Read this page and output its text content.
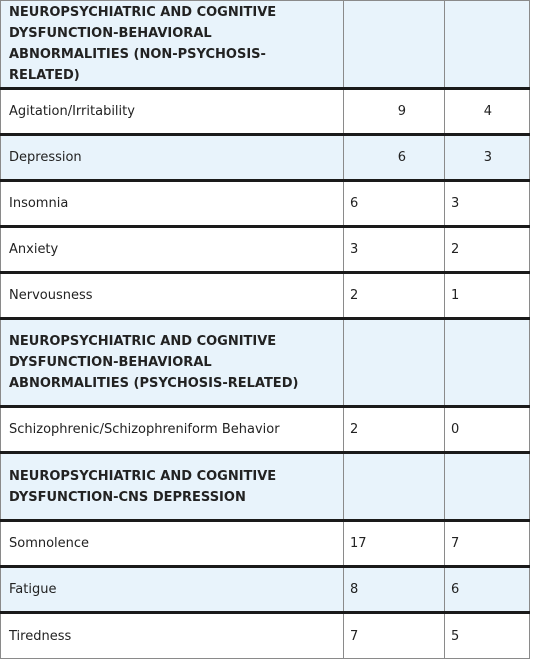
NEUROPSYCHIATRIC AND COGNITIVE DYSFUNCTION-BEHAVIORAL ABNORMALITIES (NON-PSYCHOSIS-RELATED)		
Agitation/Irritability	9	4
Depression	6	3
Insomnia	6	3
Anxiety	3	2
Nervousness	2	1
NEUROPSYCHIATRIC AND COGNITIVE DYSFUNCTION-BEHAVIORAL ABNORMALITIES (PSYCHOSIS-RELATED)		
Schizophrenic/Schizophreniform Behavior	2	0
NEUROPSYCHIATRIC AND COGNITIVE DYSFUNCTION-CNS DEPRESSION		
Somnolence	17	7
Fatigue	8	6
Tiredness	7	5
